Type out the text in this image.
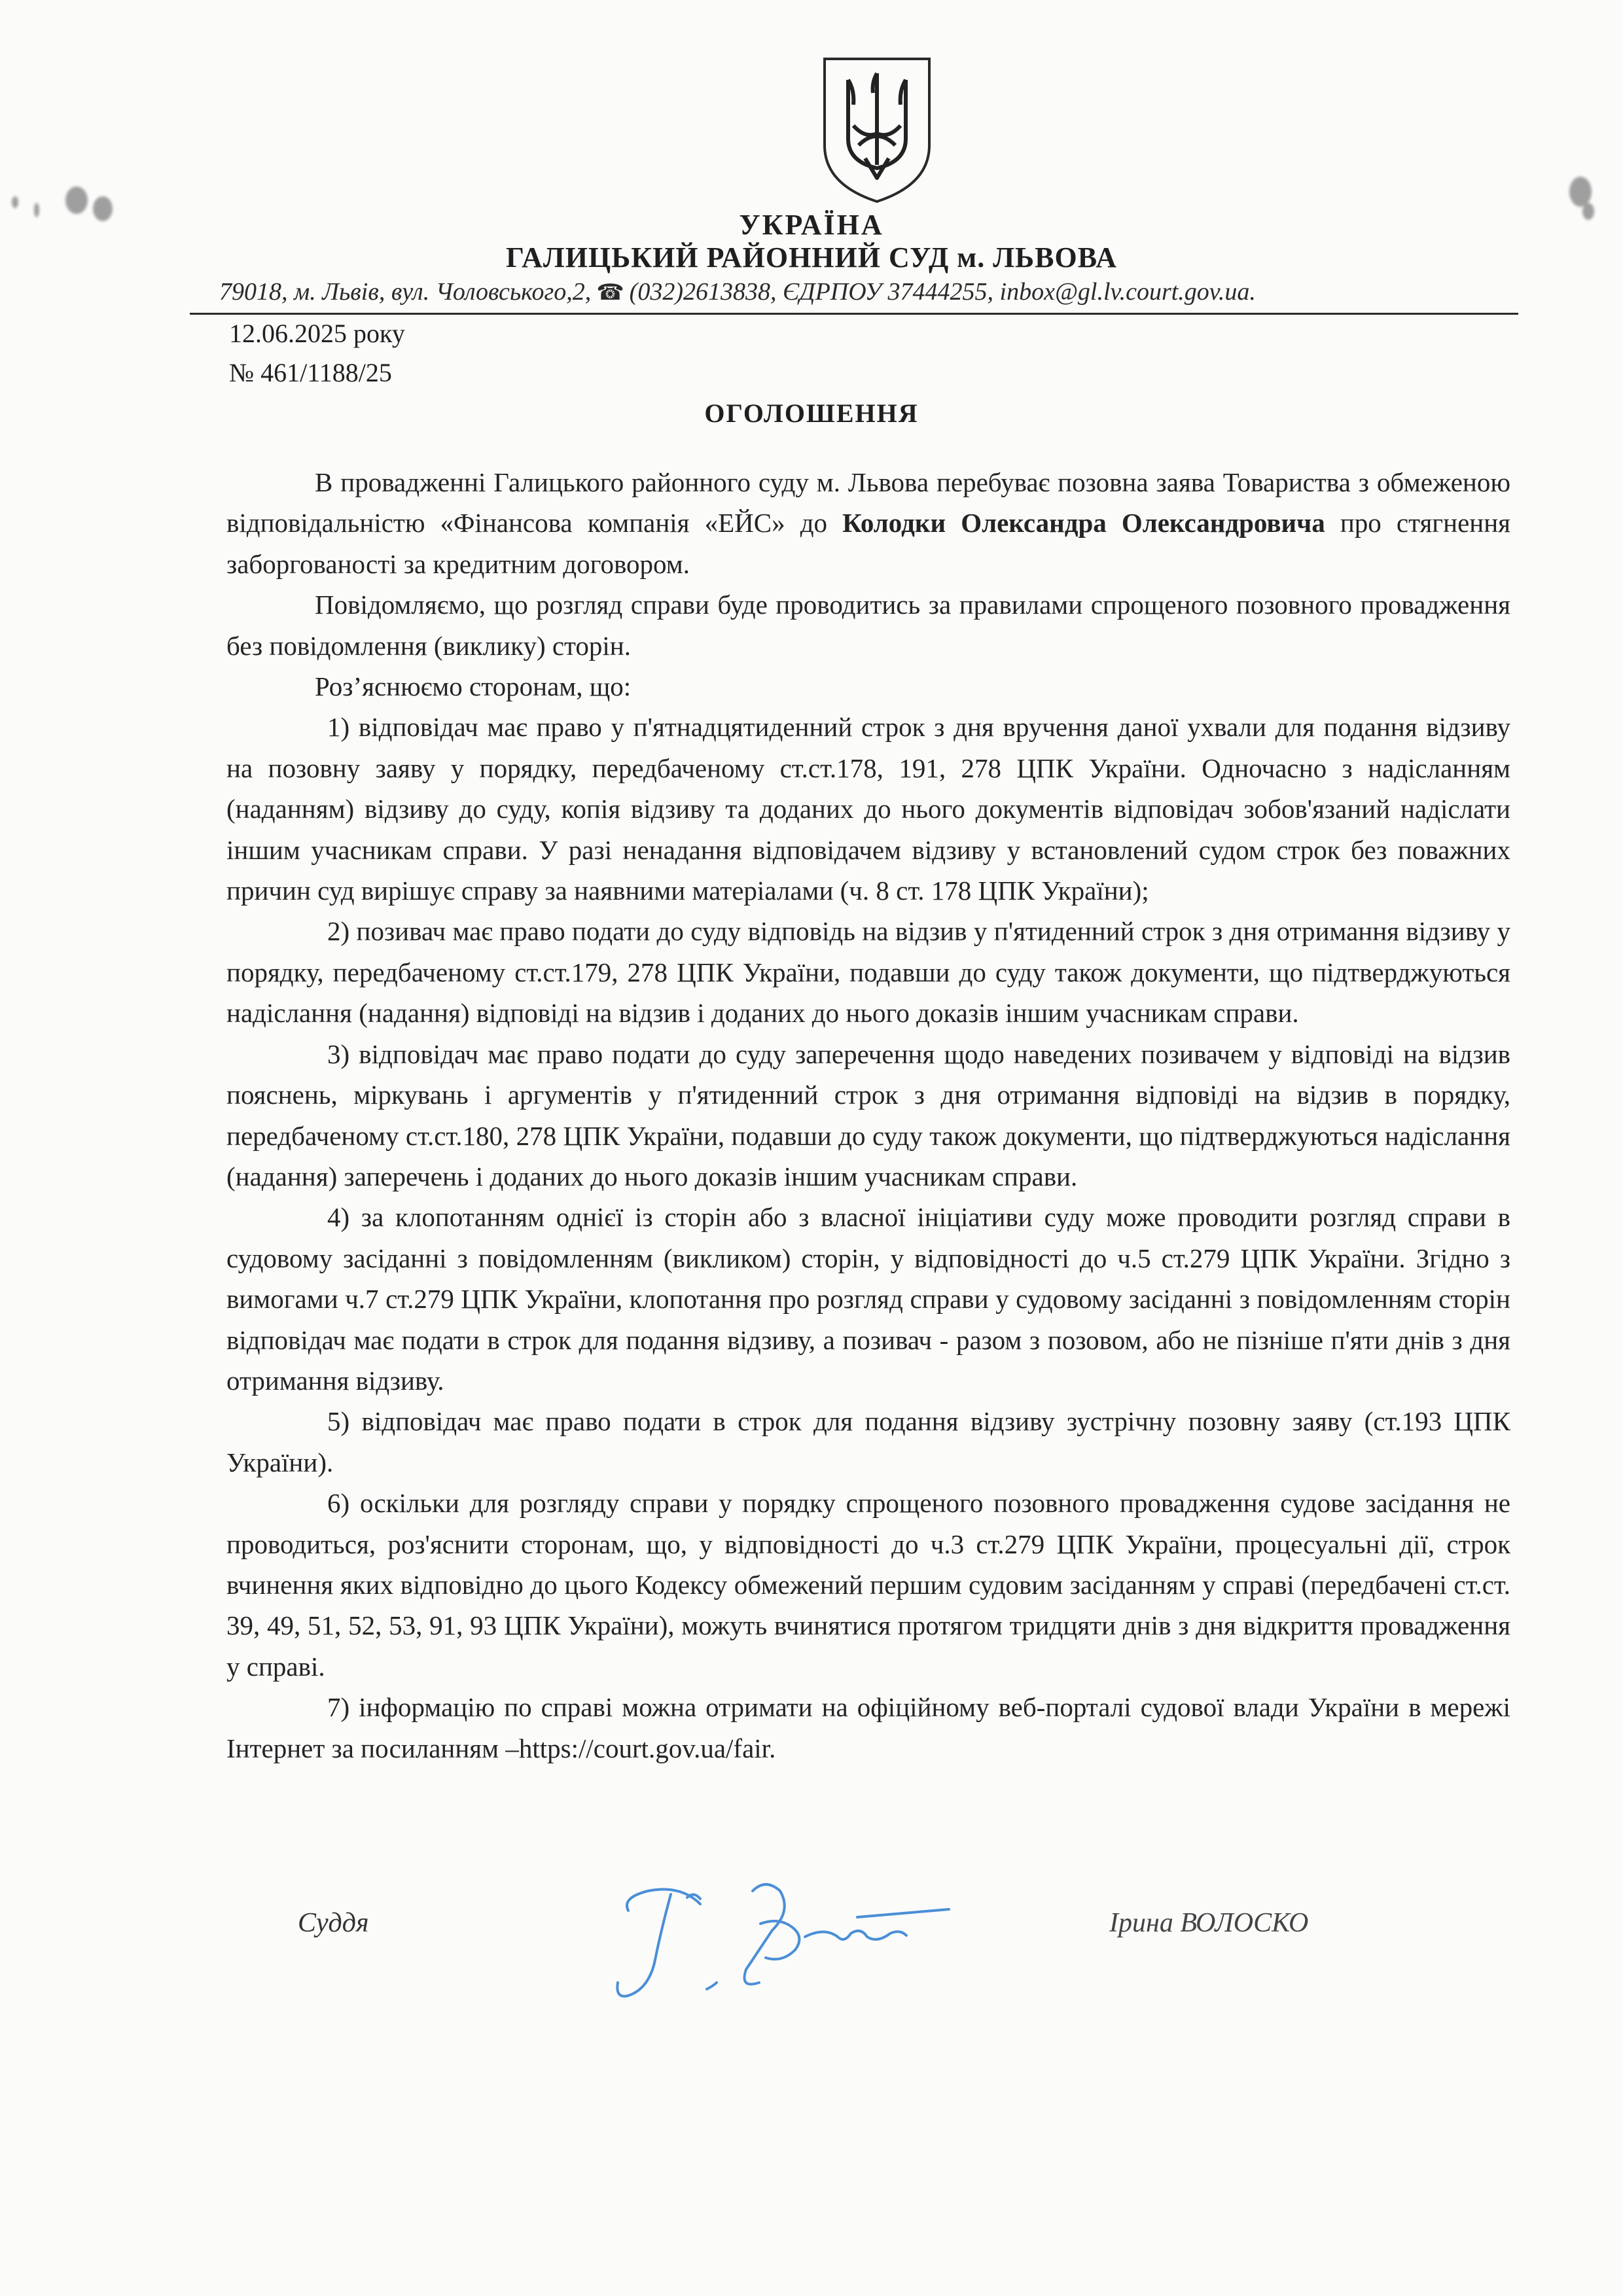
УКРАЇНА
ГАЛИЦЬКИЙ РАЙОННИЙ СУД м. ЛЬВОВА
79018, м. Львів, вул. Чоловського,2, ☎ (032)2613838, ЄДРПОУ 37444255, inbox@gl.lv.court.gov.ua.
12.06.2025 року
№ 461/1188/25
ОГОЛОШЕННЯ

В провадженні Галицького районного суду м. Львова перебуває позовна заява Товариства з обмеженою відповідальністю «Фінансова компанія «ЕЙС» до Колодки Олександра Олександровича про стягнення заборгованості за кредитним договором.

Повідомляємо, що розгляд справи буде проводитись за правилами спрощеного позовного провадження без повідомлення (виклику) сторін.

Роз’яснюємо сторонам, що:

1) відповідач має право у п'ятнадцятиденний строк з дня вручення даної ухвали для подання відзиву на позовну заяву у порядку, передбаченому ст.ст.178, 191, 278 ЦПК України. Одночасно з надісланням (наданням) відзиву до суду, копія відзиву та доданих до нього документів відповідач зобов'язаний надіслати іншим учасникам справи. У разі ненадання відповідачем відзиву у встановлений судом строк без поважних причин суд вирішує справу за наявними матеріалами (ч. 8 ст. 178 ЦПК України);

2) позивач має право подати до суду відповідь на відзив у п'ятиденний строк з дня отримання відзиву у порядку, передбаченому ст.ст.179, 278 ЦПК України, подавши до суду також документи, що підтверджуються надіслання (надання) відповіді на відзив і доданих до нього доказів іншим учасникам справи.

3) відповідач має право подати до суду заперечення щодо наведених позивачем у відповіді на відзив пояснень, міркувань і аргументів у п'ятиденний строк з дня отримання відповіді на відзив в порядку, передбаченому ст.ст.180, 278 ЦПК України, подавши до суду також документи, що підтверджуються надіслання (надання) заперечень і доданих до нього доказів іншим учасникам справи.

4) за клопотанням однієї із сторін або з власної ініціативи суду може проводити розгляд справи в судовому засіданні з повідомленням (викликом) сторін, у відповідності до ч.5 ст.279 ЦПК України. Згідно з вимогами ч.7 ст.279 ЦПК України, клопотання про розгляд справи у судовому засіданні з повідомленням сторін відповідач має подати в строк для подання відзиву, а позивач - разом з позовом, або не пізніше п'яти днів з дня отримання відзиву.

5) відповідач має право подати в строк для подання відзиву зустрічну позовну заяву (ст.193 ЦПК України).

6) оскільки для розгляду справи у порядку спрощеного позовного провадження судове засідання не проводиться, роз'яснити сторонам, що, у відповідності до ч.3 ст.279 ЦПК України, процесуальні дії, строк вчинення яких відповідно до цього Кодексу обмежений першим судовим засіданням у справі (передбачені ст.ст. 39, 49, 51, 52, 53, 91, 93 ЦПК України), можуть вчинятися протягом тридцяти днів з дня відкриття провадження у справі.

7) інформацію по справі можна отримати на офіційному веб-порталі судової влади України в мережі Інтернет за посиланням –https://court.gov.ua/fair.

Суддя	Ірина ВОЛОСКО
